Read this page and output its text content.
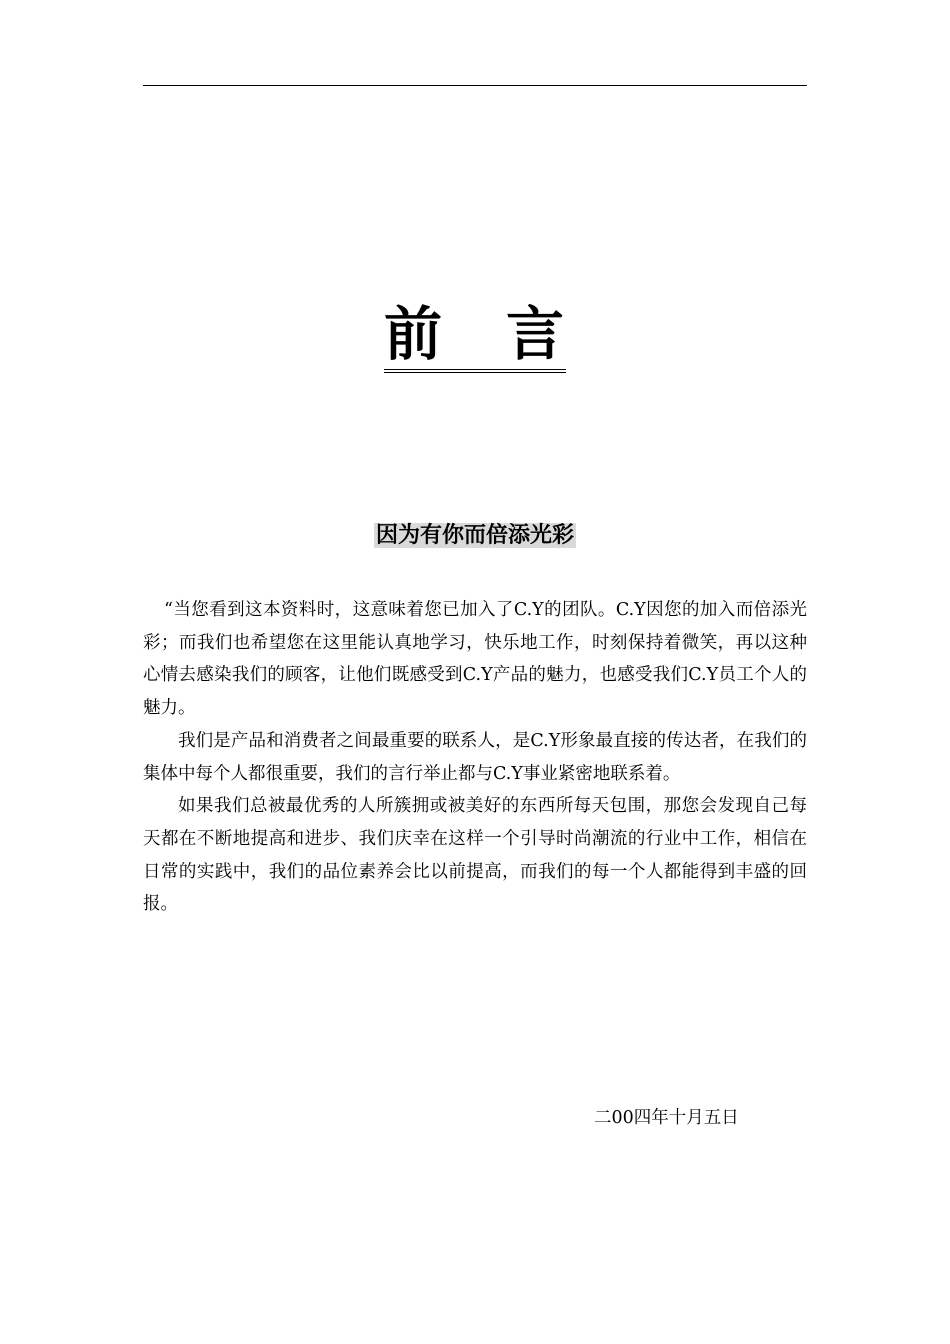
前 言
因为有你而倍添光彩

“当您看到这本资料时，这意味着您已加入了C.Y的团队。C.Y因您的加入而倍添光彩；而我们也希望您在这里能认真地学习，快乐地工作，时刻保持着微笑，再以这种心情去感染我们的顾客，让他们既感受到C.Y产品的魅力，也感受我们C.Y员工个人的魅力。

我们是产品和消费者之间最重要的联系人，是C.Y形象最直接的传达者，在我们的集体中每个人都很重要，我们的言行举止都与C.Y事业紧密地联系着。

如果我们总被最优秀的人所簇拥或被美好的东西所每天包围，那您会发现自己每天都在不断地提高和进步、我们庆幸在这样一个引导时尚潮流的行业中工作，相信在日常的实践中，我们的品位素养会比以前提高，而我们的每一个人都能得到丰盛的回报。

二00四年十月五日
